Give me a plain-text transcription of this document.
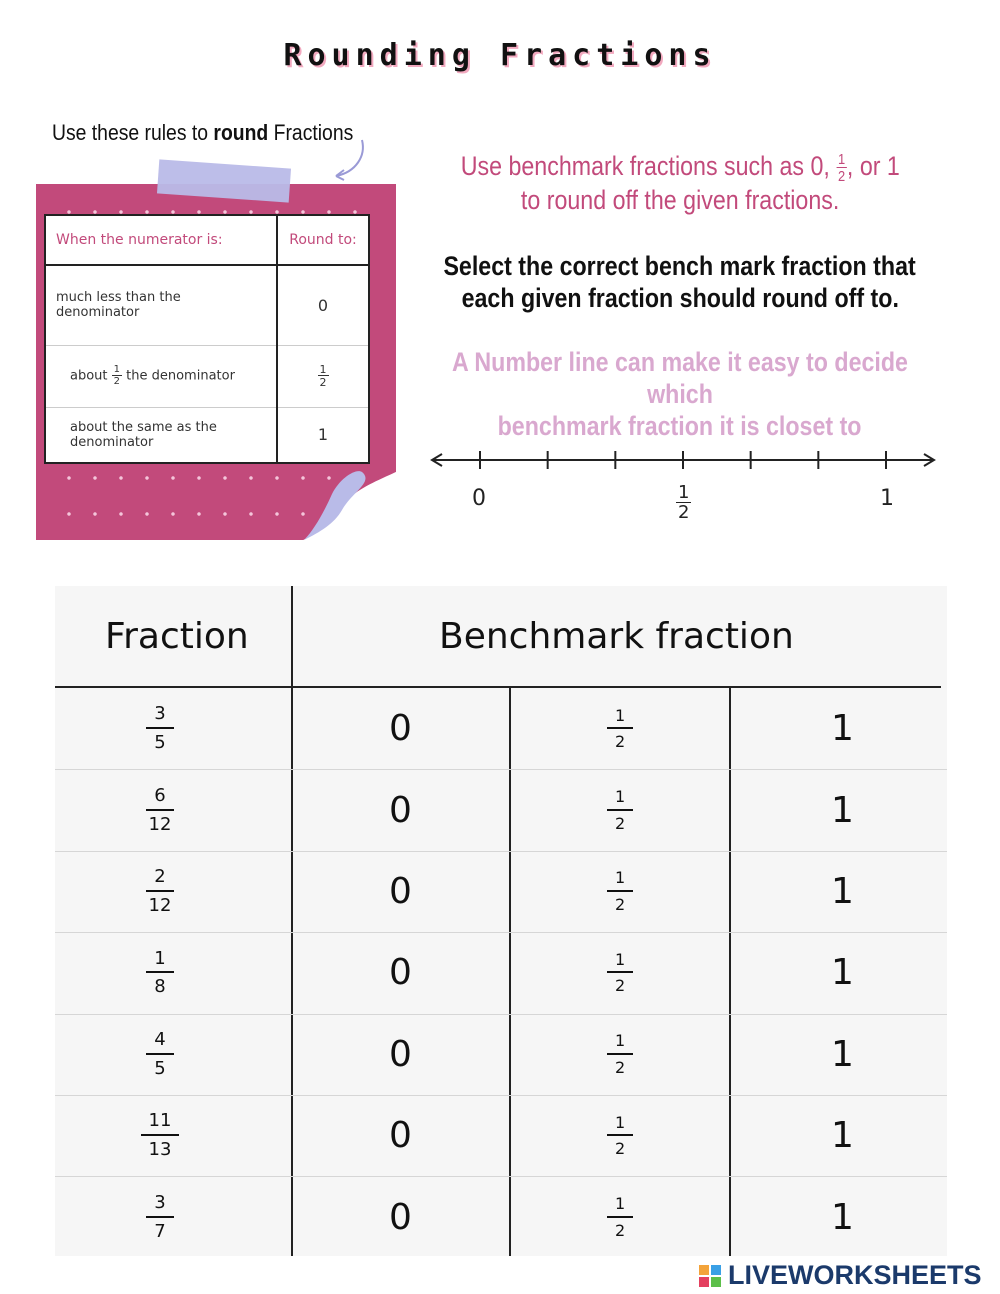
Rounding Fractions
Use these rules to round Fractions
When the numerator is:	Round to:
much less than the denominator	0
about $\frac{1}{2}$ the denominator	$\frac{1}{2}$

about the same as the denominator	1
Use benchmark fractions such as 0, $\frac{1}{2}$ , or 1
to round off the given fractions.
Select the correct bench mark fraction that
each given fraction should round off to.
A Number line can make it easy to decide which
benchmark fraction it is closet to
0	$\frac{1}{2}$	1
Fraction	Benchmark fraction
$\frac{3}{5}$	0	$\frac{1}{2}$	1
$\frac{6}{12}$	0	$\frac{1}{2}$	1
$\frac{2}{12}$	0	$\frac{1}{2}$	1
$\frac{1}{8}$	0	$\frac{1}{2}$	1
$\frac{4}{5}$	0	$\frac{1}{2}$	1
$\frac{11}{13}$	0	$\frac{1}{2}$	1
$\frac{3}{7}$	0	$\frac{1}{2}$	1
LIVEWORKSHEETS
